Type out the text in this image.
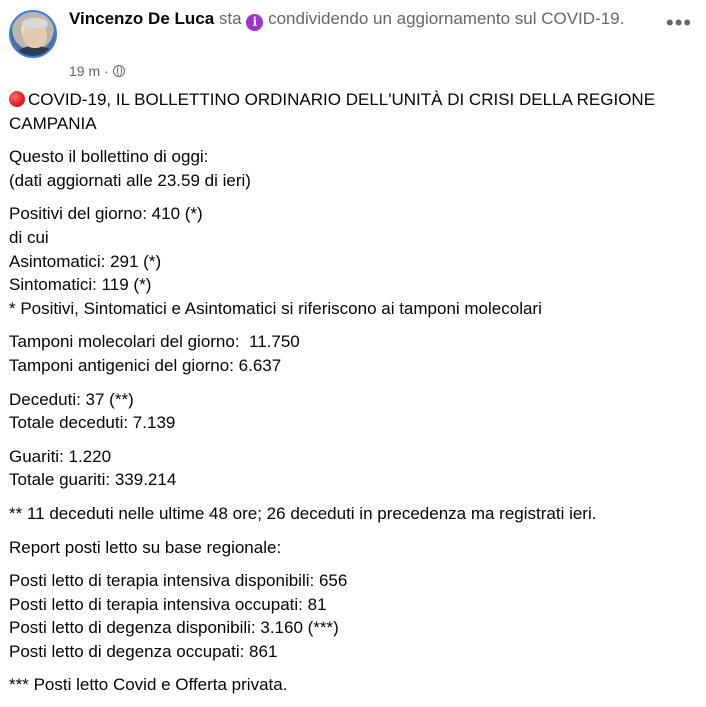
Vincenzo De Luca sta i condividendo un aggiornamento sul COVID-19.
19 m ·
•••
COVID-19, IL BOLLETTINO ORDINARIO DELL'UNITÀ DI CRISI DELLA REGIONE CAMPANIA
Questo il bollettino di oggi:
(dati aggiornati alle 23.59 di ieri)
Positivi del giorno: 410 (*)
di cui
Asintomatici: 291 (*)
Sintomatici: 119 (*)
* Positivi, Sintomatici e Asintomatici si riferiscono ai tamponi molecolari
Tamponi molecolari del giorno:  11.750
Tamponi antigenici del giorno: 6.637
Deceduti: 37 (**)
Totale deceduti: 7.139
Guariti: 1.220
Totale guariti: 339.214
** 11 deceduti nelle ultime 48 ore; 26 deceduti in precedenza ma registrati ieri.
Report posti letto su base regionale:
Posti letto di terapia intensiva disponibili: 656
Posti letto di terapia intensiva occupati: 81
Posti letto di degenza disponibili: 3.160 (***)
Posti letto di degenza occupati: 861
*** Posti letto Covid e Offerta privata.
